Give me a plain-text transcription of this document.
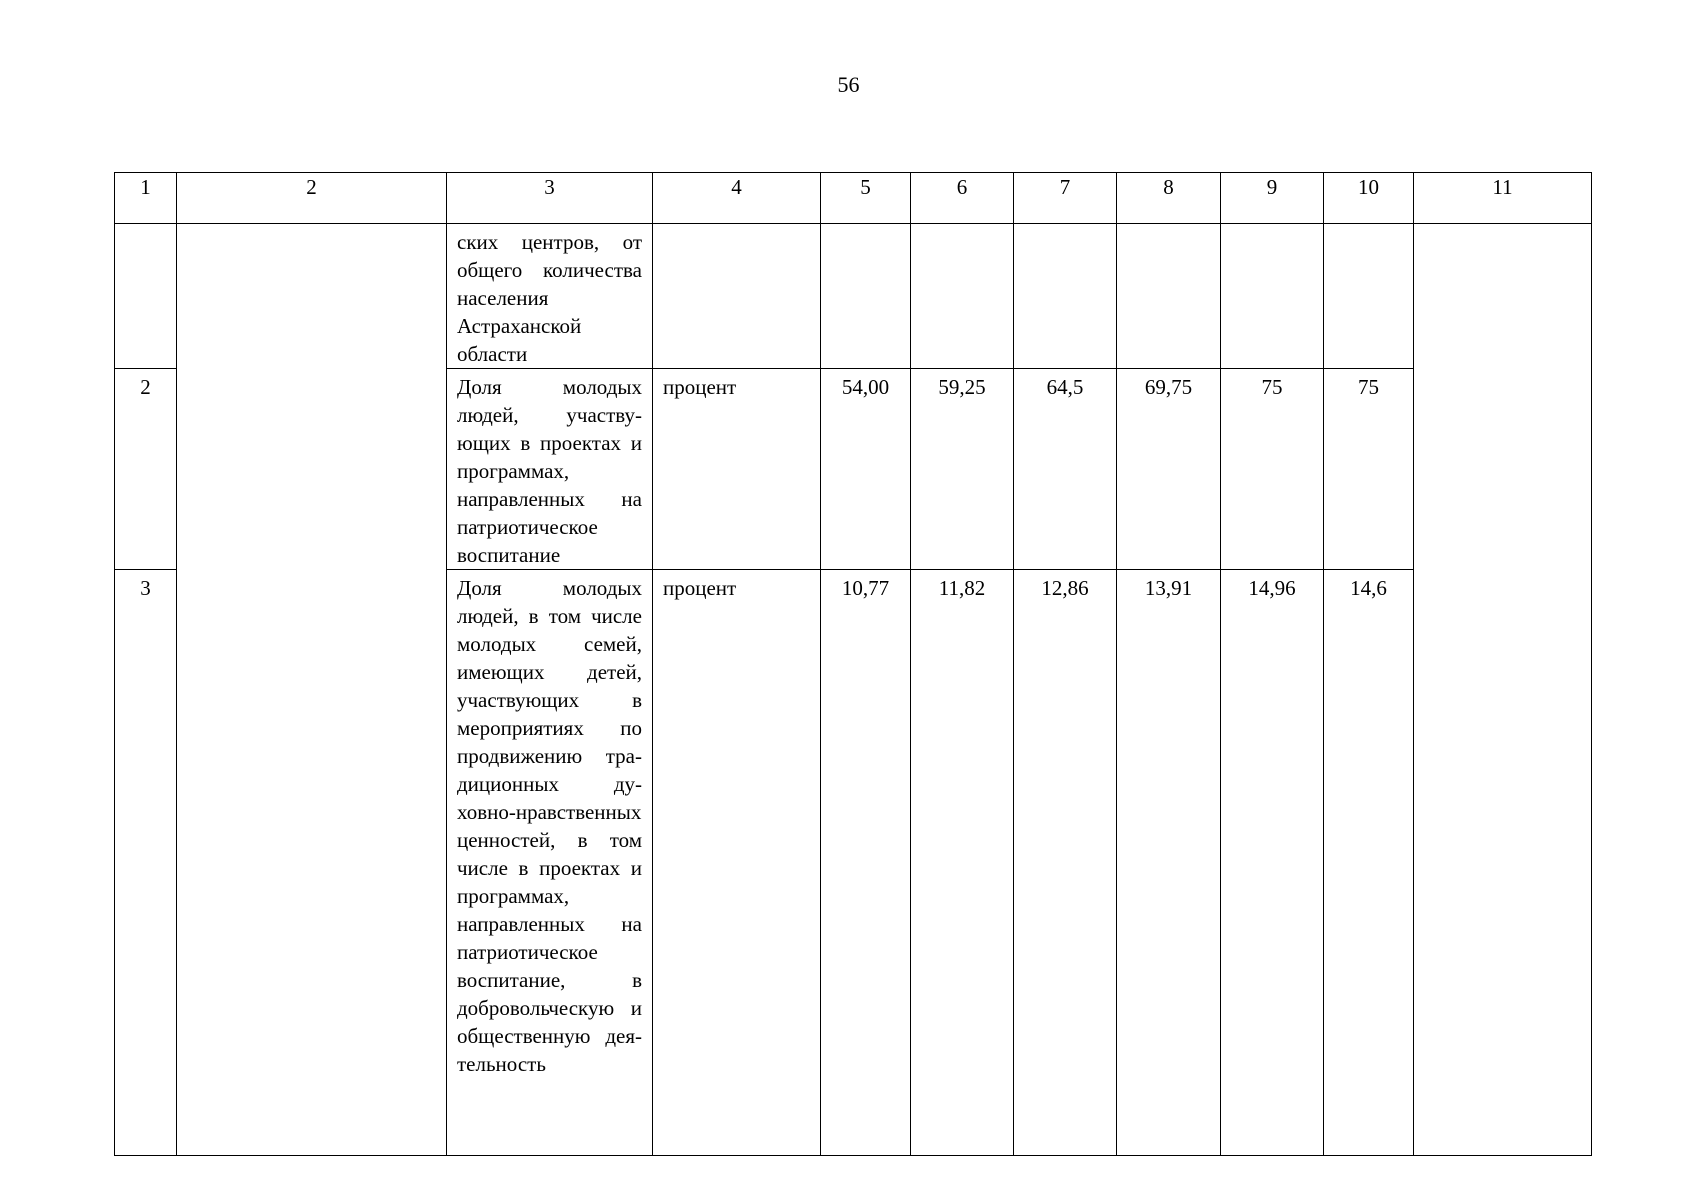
56
1	2	3	4	5	6	7	8	9	10	11
		ских центров, от общего количества населения Астраханской области								
2		Доля молодых людей, участвующих в проектах и программах, направленных на патриотическое воспитание	процент	54,00	59,25	64,5	69,75	75	75	
3		Доля молодых людей, в том числе молодых семей, имеющих детей, участвующих в мероприятиях по продвижению традиционных духовно-нравственных ценностей, в том числе в проектах и программах, направленных на патриотическое воспитание, в добровольческую и общественную деятельность	процент	10,77	11,82	12,86	13,91	14,96	14,6	
